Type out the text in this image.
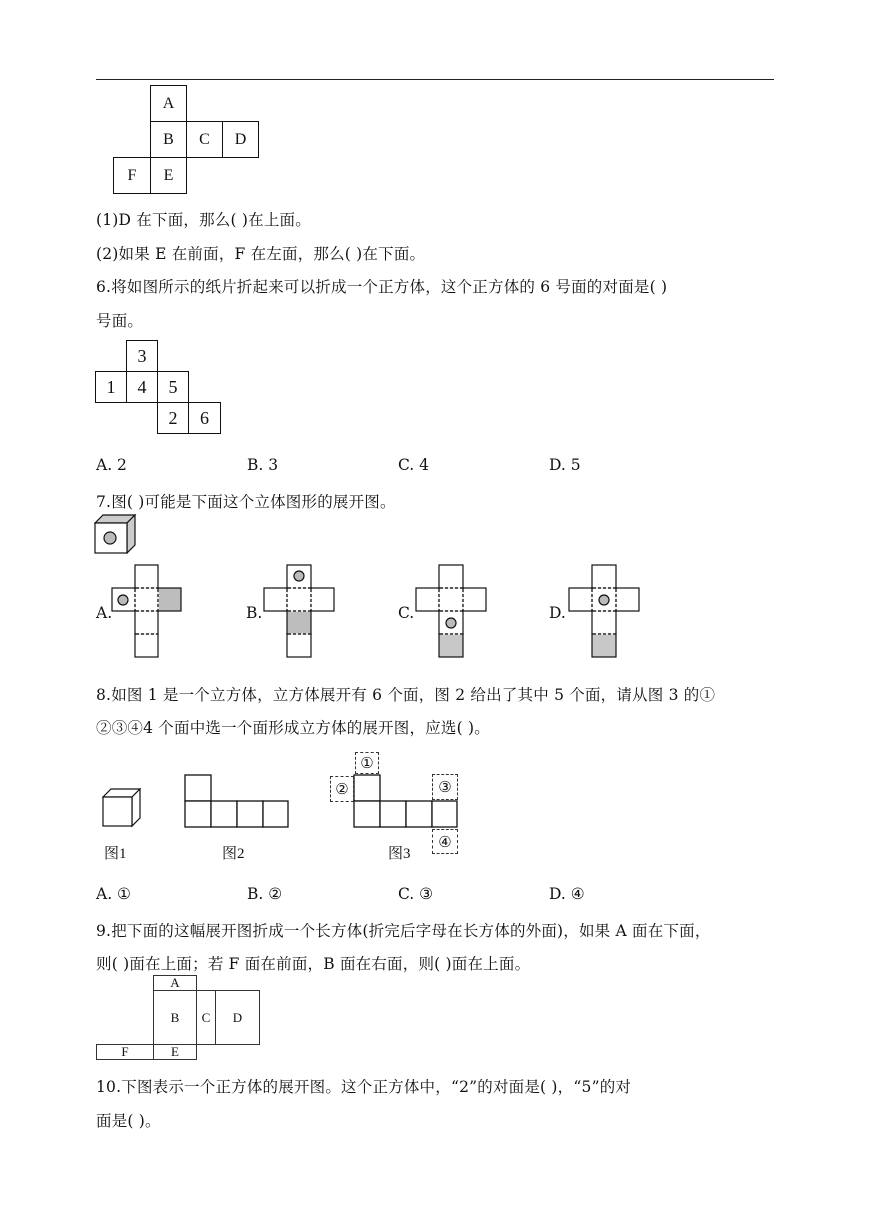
A
B	C	D
F	E
(1)D 在下面，那么( )在上面。
(2)如果 E 在前面，F 在左面，那么( )在下面。
6.将如图所示的纸片折起来可以折成一个正方体，这个正方体的 6 号面的对面是( )
号面。
3
1	4	5
2	6
A. 2	B. 3	C. 4	D. 5
7.图( )可能是下面这个立体图形的展开图。
A.	B.	C.	D.
8.如图 1 是一个立方体，立方体展开有 6 个面，图 2 给出了其中 5 个面，请从图 3 的①
②③④4 个面中选一个面形成立方体的展开图，应选( )。
图1	图2
①
②	③
④
图3
A. ①	B. ②	C. ③	D. ④
9.把下面的这幅展开图折成一个长方体(折完后字母在长方体的外面)，如果 A 面在下面，
则( )面在上面；若 F 面在前面，B 面在右面，则( )面在上面。
A
B	C	D
F	E
10.下图表示一个正方体的展开图。这个正方体中，“2”的对面是( )，“5”的对
面是( )。
